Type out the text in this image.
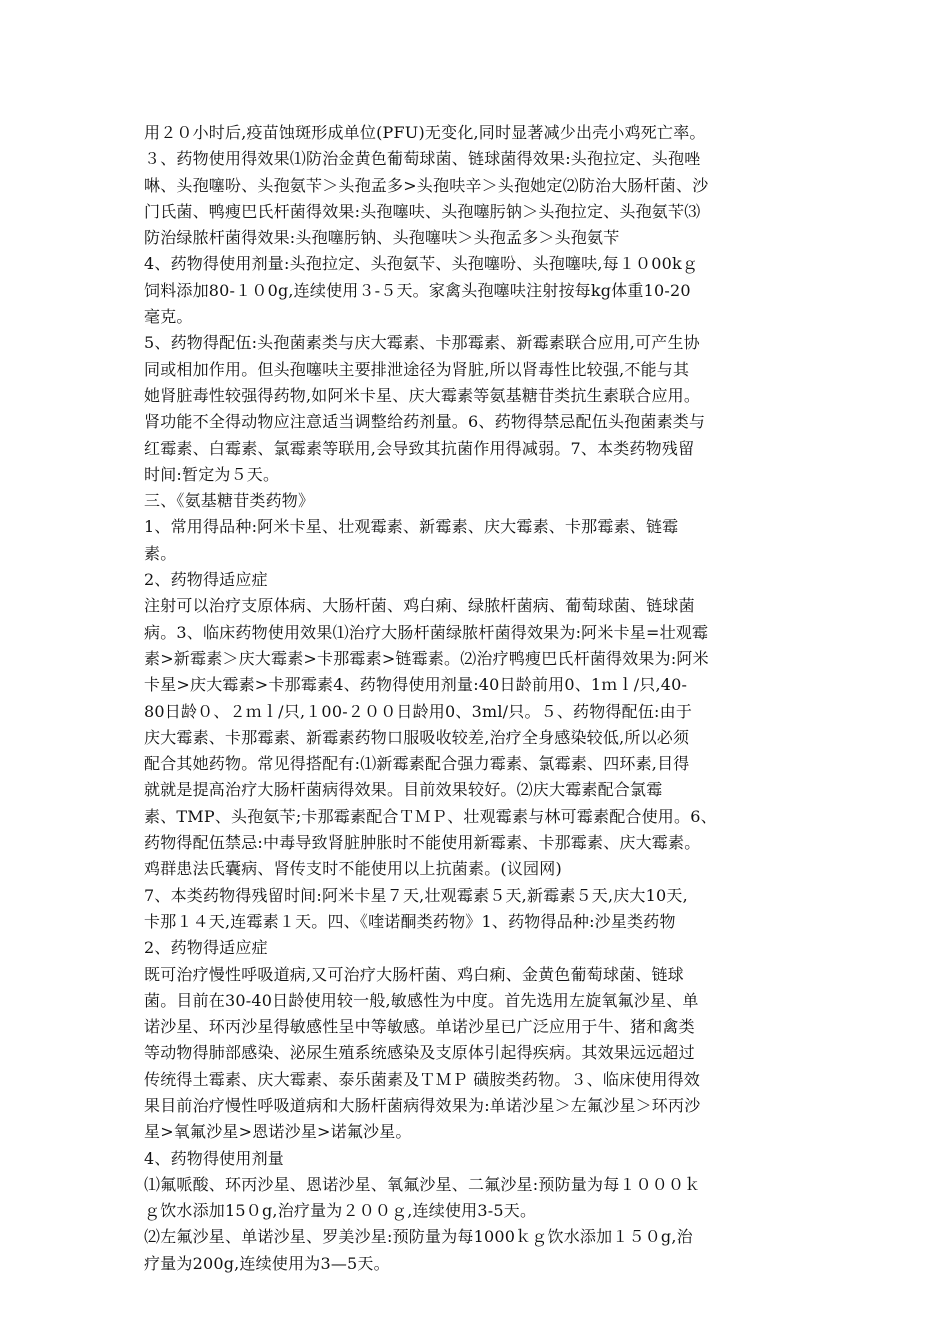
用２０小时后,疫苗蚀斑形成单位(PFU)无变化,同时显著减少出壳小鸡死亡率。
３、药物使用得效果⑴防治金黄色葡萄球菌、链球菌得效果:头孢拉定、头孢唑
啉、头孢噻吩、头孢氨苄＞头孢孟多>头孢呋辛＞头孢她定⑵防治大肠杆菌、沙
门氏菌、鸭瘦巴氏杆菌得效果:头孢噻呋、头孢噻肟钠＞头孢拉定、头孢氨苄⑶
防治绿脓杆菌得效果:头孢噻肟钠、头孢噻呋＞头孢孟多＞头孢氨苄
4、药物得使用剂量:头孢拉定、头孢氨苄、头孢噻吩、头孢噻呋,每１０00kｇ
饲料添加80-１０0g,连续使用３-５天。家禽头孢噻呋注射按每kg体重10-20
毫克。
5、药物得配伍:头孢菌素类与庆大霉素、卡那霉素、新霉素联合应用,可产生协
同或相加作用。但头孢噻呋主要排泄途径为肾脏,所以肾毒性比较强,不能与其
她肾脏毒性较强得药物,如阿米卡星、庆大霉素等氨基糖苷类抗生素联合应用。
肾功能不全得动物应注意适当调整给药剂量。6、药物得禁忌配伍头孢菌素类与
红霉素、白霉素、氯霉素等联用,会导致其抗菌作用得减弱。7、本类药物残留
时间:暂定为５天。
三、《氨基糖苷类药物》
1、常用得品种:阿米卡星、壮观霉素、新霉素、庆大霉素、卡那霉素、链霉
素。
2、药物得适应症
注射可以治疗支原体病、大肠杆菌、鸡白痢、绿脓杆菌病、葡萄球菌、链球菌
病。3、临床药物使用效果⑴治疗大肠杆菌绿脓杆菌得效果为:阿米卡星=壮观霉
素>新霉素＞庆大霉素>卡那霉素>链霉素。⑵治疗鸭瘦巴氏杆菌得效果为:阿米
卡星>庆大霉素>卡那霉素4、药物得使用剂量:40日龄前用0、1ｍｌ/只,40-
80日龄０、２ｍｌ/只,１00-２００日龄用0、3ml/只。５、药物得配伍:由于
庆大霉素、卡那霉素、新霉素药物口服吸收较差,治疗全身感染较低,所以必须
配合其她药物。常见得搭配有:⑴新霉素配合强力霉素、氯霉素、四环素,目得
就就是提高治疗大肠杆菌病得效果。目前效果较好。⑵庆大霉素配合氯霉
素、TMP、头孢氨苄;卡那霉素配合ＴＭＰ、壮观霉素与林可霉素配合使用。6、
药物得配伍禁忌:中毒导致肾脏肿胀时不能使用新霉素、卡那霉素、庆大霉素。
鸡群患法氏囊病、肾传支时不能使用以上抗菌素。(议园网)
7、本类药物得残留时间:阿米卡星７天,壮观霉素５天,新霉素５天,庆大10天,
卡那１４天,连霉素１天。四、《喹诺酮类药物》1、药物得品种:沙星类药物
2、药物得适应症
既可治疗慢性呼吸道病,又可治疗大肠杆菌、鸡白痢、金黄色葡萄球菌、链球
菌。目前在30-40日龄使用较一般,敏感性为中度。首先选用左旋氧氟沙星、单
诺沙星、环丙沙星得敏感性呈中等敏感。单诺沙星已广泛应用于牛、猪和禽类
等动物得肺部感染、泌尿生殖系统感染及支原体引起得疾病。其效果远远超过
传统得土霉素、庆大霉素、泰乐菌素及ＴＭＰ 磺胺类药物。３、临床使用得效
果目前治疗慢性呼吸道病和大肠杆菌病得效果为:单诺沙星＞左氟沙星＞环丙沙
星>氧氟沙星>恩诺沙星>诺氟沙星。
4、药物得使用剂量
⑴氟哌酸、环丙沙星、恩诺沙星、氧氟沙星、二氟沙星:预防量为每１０００ｋ
ｇ饮水添加15０g,治疗量为２００ｇ,连续使用3-5天。
⑵左氟沙星、单诺沙星、罗美沙星:预防量为每1000ｋｇ饮水添加１５０g,治
疗量为200g,连续使用为3—5天。
